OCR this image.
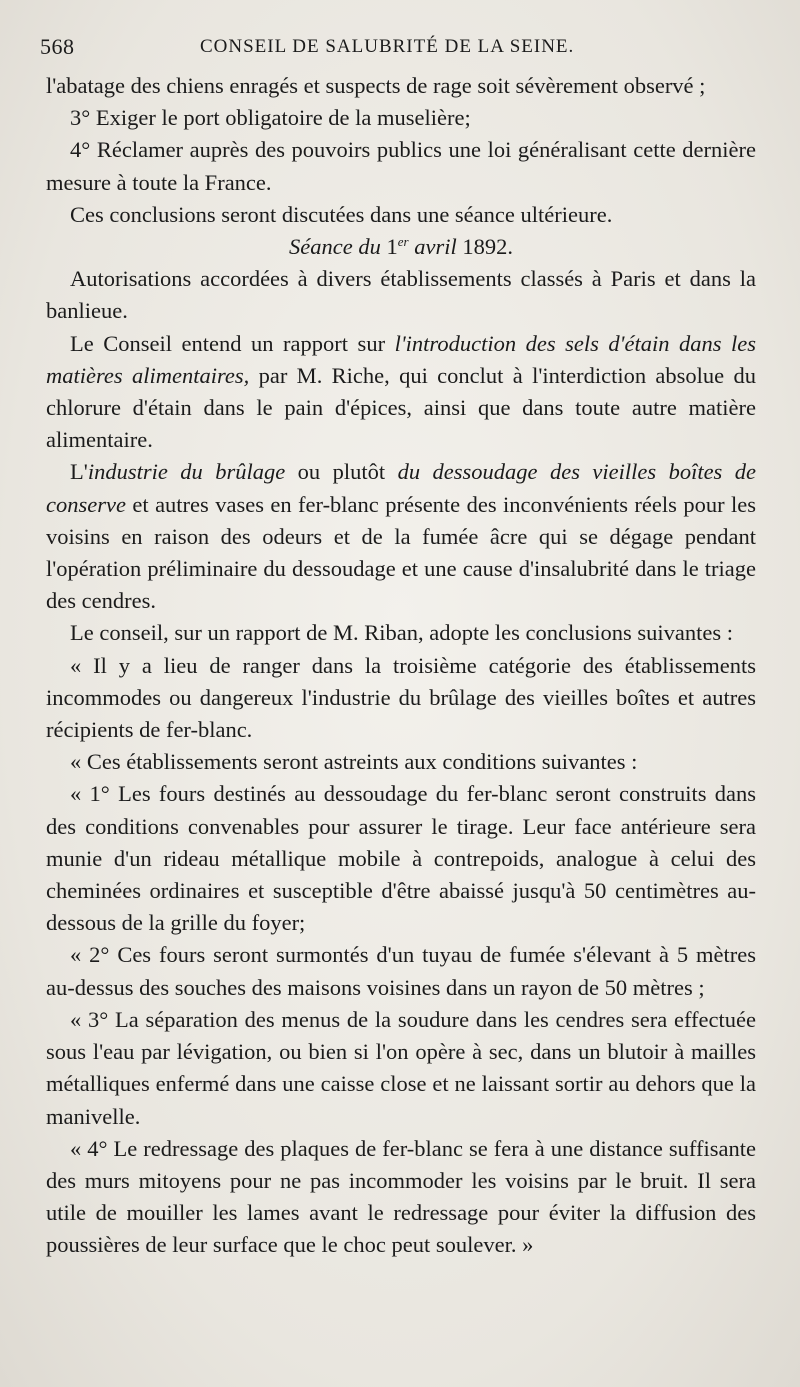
568	CONSEIL DE SALUBRITÉ DE LA SEINE.

l'abatage des chiens enragés et suspects de rage soit sévèrement observé ;

3° Exiger le port obligatoire de la muselière;

4° Réclamer auprès des pouvoirs publics une loi généralisant cette dernière mesure à toute la France.

Ces conclusions seront discutées dans une séance ultérieure.

Séance du 1er avril 1892.

Autorisations accordées à divers établissements classés à Paris et dans la banlieue.

Le Conseil entend un rapport sur l'introduction des sels d'étain dans les matières alimentaires, par M. Riche, qui conclut à l'interdiction absolue du chlorure d'étain dans le pain d'épices, ainsi que dans toute autre matière alimentaire.

L'industrie du brûlage ou plutôt du dessoudage des vieilles boîtes de conserve et autres vases en fer-blanc présente des inconvénients réels pour les voisins en raison des odeurs et de la fumée âcre qui se dégage pendant l'opération préliminaire du dessoudage et une cause d'insalubrité dans le triage des cendres.

Le conseil, sur un rapport de M. Riban, adopte les conclusions suivantes :

« Il y a lieu de ranger dans la troisième catégorie des établissements incommodes ou dangereux l'industrie du brûlage des vieilles boîtes et autres récipients de fer-blanc.

« Ces établissements seront astreints aux conditions suivantes :

« 1° Les fours destinés au dessoudage du fer-blanc seront construits dans des conditions convenables pour assurer le tirage. Leur face antérieure sera munie d'un rideau métallique mobile à contrepoids, analogue à celui des cheminées ordinaires et susceptible d'être abaissé jusqu'à 50 centimètres au-dessous de la grille du foyer;

« 2° Ces fours seront surmontés d'un tuyau de fumée s'élevant à 5 mètres au-dessus des souches des maisons voisines dans un rayon de 50 mètres ;

« 3° La séparation des menus de la soudure dans les cendres sera effectuée sous l'eau par lévigation, ou bien si l'on opère à sec, dans un blutoir à mailles métalliques enfermé dans une caisse close et ne laissant sortir au dehors que la manivelle.

« 4° Le redressage des plaques de fer-blanc se fera à une distance suffisante des murs mitoyens pour ne pas incommoder les voisins par le bruit. Il sera utile de mouiller les lames avant le redressage pour éviter la diffusion des poussières de leur surface que le choc peut soulever. »
